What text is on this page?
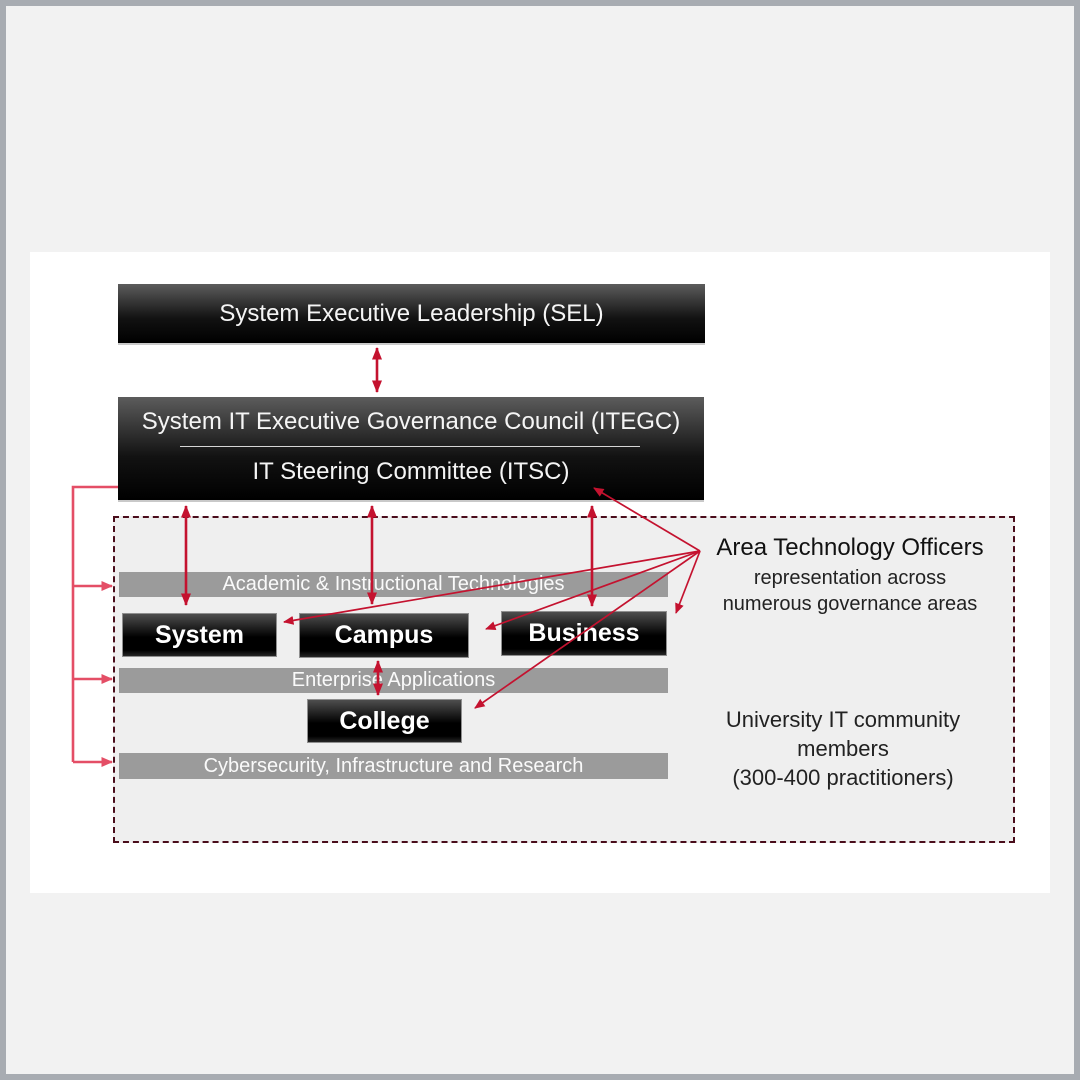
System Executive Leadership (SEL)
System IT Executive Governance Council (ITEGC)
IT Steering Committee (ITSC)
Academic & Instructional Technologies
Enterprise Applications
Cybersecurity, Infrastructure and Research
System	Campus	Business
College
Area Technology Officers
representation across
numerous governance areas
University IT community
members
(300-400 practitioners)
